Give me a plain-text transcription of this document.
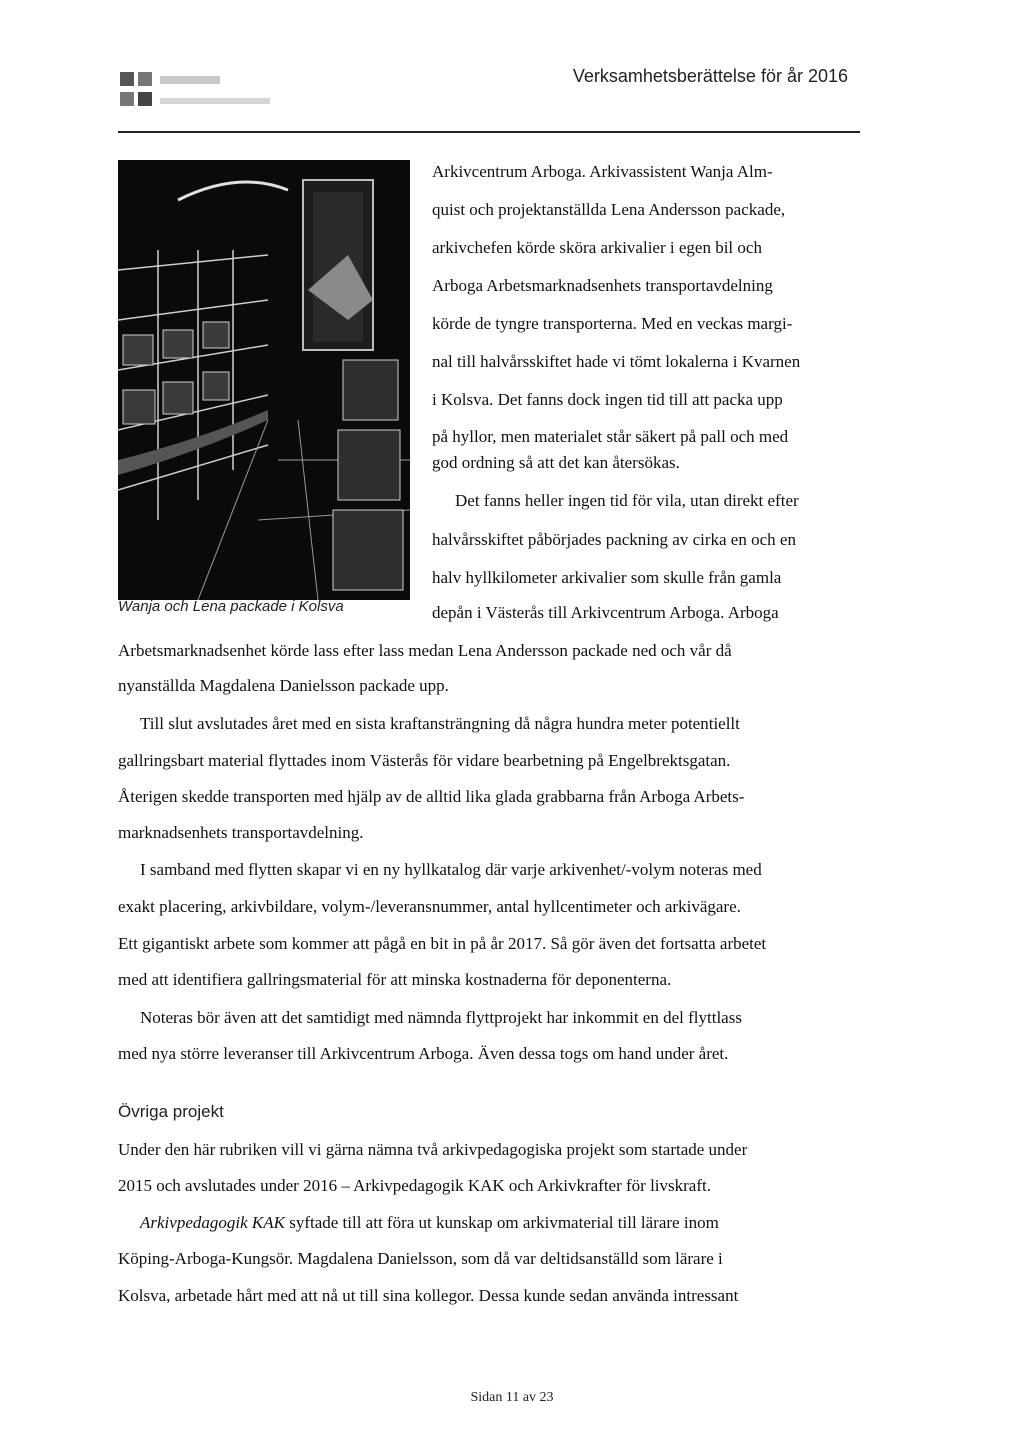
Verksamhetsberättelse för år 2016
Wanja och Lena packade i Kolsva
Arkivcentrum Arboga. Arkivassistent Wanja Alm-
quist och projektanställda Lena Andersson packade,
arkivchefen körde sköra arkivalier i egen bil och
Arboga Arbetsmarknadsenhets transportavdelning
körde de tyngre transporterna. Med en veckas margi-
nal till halvårsskiftet hade vi tömt lokalerna i Kvarnen
i Kolsva. Det fanns dock ingen tid till att packa upp
på hyllor, men materialet står säkert på pall och med
god ordning så att det kan återsökas.
Det fanns heller ingen tid för vila, utan direkt efter
halvårsskiftet påbörjades packning av cirka en och en
halv hyllkilometer arkivalier som skulle från gamla
depån i Västerås till Arkivcentrum Arboga. Arboga
Arbetsmarknadsenhet körde lass efter lass medan Lena Andersson packade ned och vår då
nyanställda Magdalena Danielsson packade upp.
Till slut avslutades året med en sista kraftansträngning då några hundra meter potentiellt
gallringsbart material flyttades inom Västerås för vidare bearbetning på Engelbrektsgatan.
Återigen skedde transporten med hjälp av de alltid lika glada grabbarna från Arboga Arbets-
marknadsenhets transportavdelning.
I samband med flytten skapar vi en ny hyllkatalog där varje arkivenhet/-volym noteras med
exakt placering, arkivbildare, volym-/leveransnummer, antal hyllcentimeter och arkivägare.
Ett gigantiskt arbete som kommer att pågå en bit in på år 2017. Så gör även det fortsatta arbetet
med att identifiera gallringsmaterial för att minska kostnaderna för deponenterna.
Noteras bör även att det samtidigt med nämnda flyttprojekt har inkommit en del flyttlass
med nya större leveranser till Arkivcentrum Arboga. Även dessa togs om hand under året.
Övriga projekt
Under den här rubriken vill vi gärna nämna två arkivpedagogiska projekt som startade under
2015 och avslutades under 2016 – Arkivpedagogik KAK och Arkivkrafter för livskraft.
Arkivpedagogik KAK syftade till att föra ut kunskap om arkivmaterial till lärare inom
Köping-Arboga-Kungsör. Magdalena Danielsson, som då var deltidsanställd som lärare i
Kolsva, arbetade hårt med att nå ut till sina kollegor. Dessa kunde sedan använda intressant
Sidan 11 av 23
